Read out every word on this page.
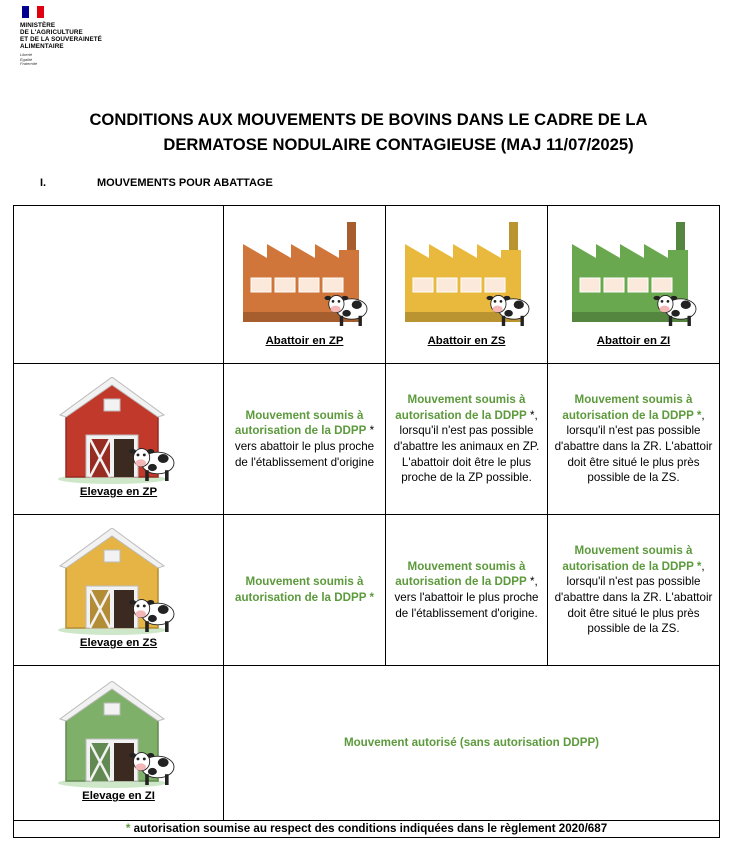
MINISTÈRE
DE L'AGRICULTURE
ET DE LA SOUVERAINETÉ
ALIMENTAIRE
Liberté
Égalité
Fraternité
CONDITIONS AUX MOUVEMENTS DE BOVINS DANS LE CADRE DE LA
DERMATOSE NODULAIRE CONTAGIEUSE (MAJ 11/07/2025)
I.	MOUVEMENTS POUR ABATTAGE

	Abattoir en ZP	Abattoir en ZS	Abattoir en ZI

Elevage en ZP	Mouvement soumis à autorisation de la DDPP * vers abattoir le plus proche de l'établissement d'origine	Mouvement soumis à autorisation de la DDPP *, lorsqu'il n'est pas possible d'abattre les animaux en ZP. L'abattoir doit être le plus proche de la ZP possible.	Mouvement soumis à autorisation de la DDPP *, lorsqu'il n'est pas possible d'abattre dans la ZR. L'abattoir doit être situé le plus près possible de la ZS.

Elevage en ZS	Mouvement soumis à autorisation de la DDPP *	Mouvement soumis à autorisation de la DDPP *, vers l'abattoir le plus proche de l'établissement d'origine.	Mouvement soumis à autorisation de la DDPP *, lorsqu'il n'est pas possible d'abattre dans la ZR. L'abattoir doit être situé le plus près possible de la ZS.

Elevage en ZI	Mouvement autorisé (sans autorisation DDPP)		
* autorisation soumise au respect des conditions indiquées dans le règlement 2020/687			
